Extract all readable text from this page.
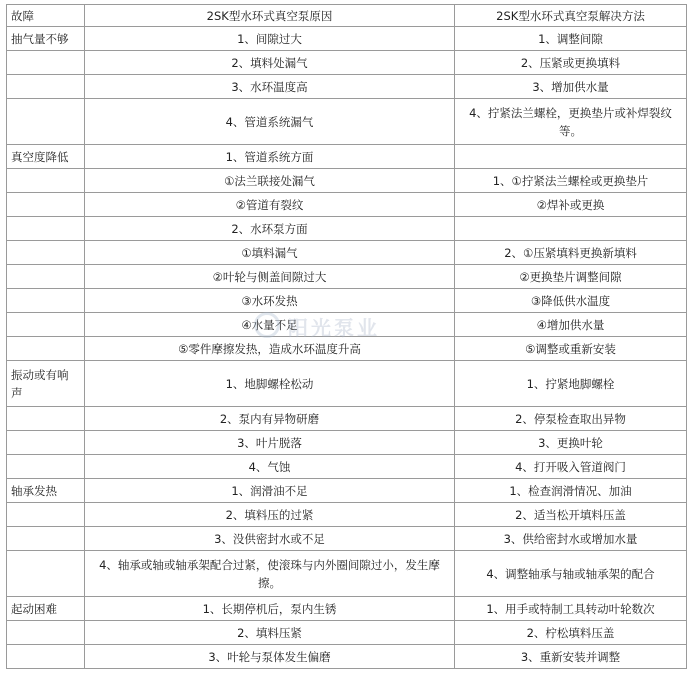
故障	2SK型水环式真空泵原因	2SK型水环式真空泵解决方法
抽气量不够	1、间隙过大	1、调整间隙
	2、填料处漏气	2、压紧或更换填料
	3、水环温度高	3、增加供水量
	4、管道系统漏气	4、拧紧法兰螺栓，更换垫片或补焊裂纹等。
真空度降低	1、管道系统方面	
	①法兰联接处漏气	1、①拧紧法兰螺栓或更换垫片
	②管道有裂纹	②焊补或更换
	2、水环泵方面	
	①填料漏气	2、①压紧填料更换新填料
	②叶轮与侧盖间隙过大	②更换垫片调整间隙
	③水环发热	③降低供水温度
	④水量不足	④增加供水量
	⑤零件摩擦发热，造成水环温度升高	⑤调整或重新安装
振动或有响声	1、地脚螺栓松动	1、拧紧地脚螺栓
	2、泵内有异物研磨	2、停泵检查取出异物
	3、叶片脱落	3、更换叶轮
	4、气蚀	4、打开吸入管道阀门
轴承发热	1、润滑油不足	1、检查润滑情况、加油
	2、填料压的过紧	2、适当松开填料压盖
	3、没供密封水或不足	3、供给密封水或增加水量
	4、轴承或轴或轴承架配合过紧，使滚珠与内外圈间隙过小，发生摩擦。	4、调整轴承与轴或轴承架的配合
起动困难	1、长期停机后，泵内生锈	1、用手或特制工具转动叶轮数次
	2、填料压紧	2、柠松填料压盖
	3、叶轮与泵体发生偏磨	3、重新安装并调整
阳光泵业
